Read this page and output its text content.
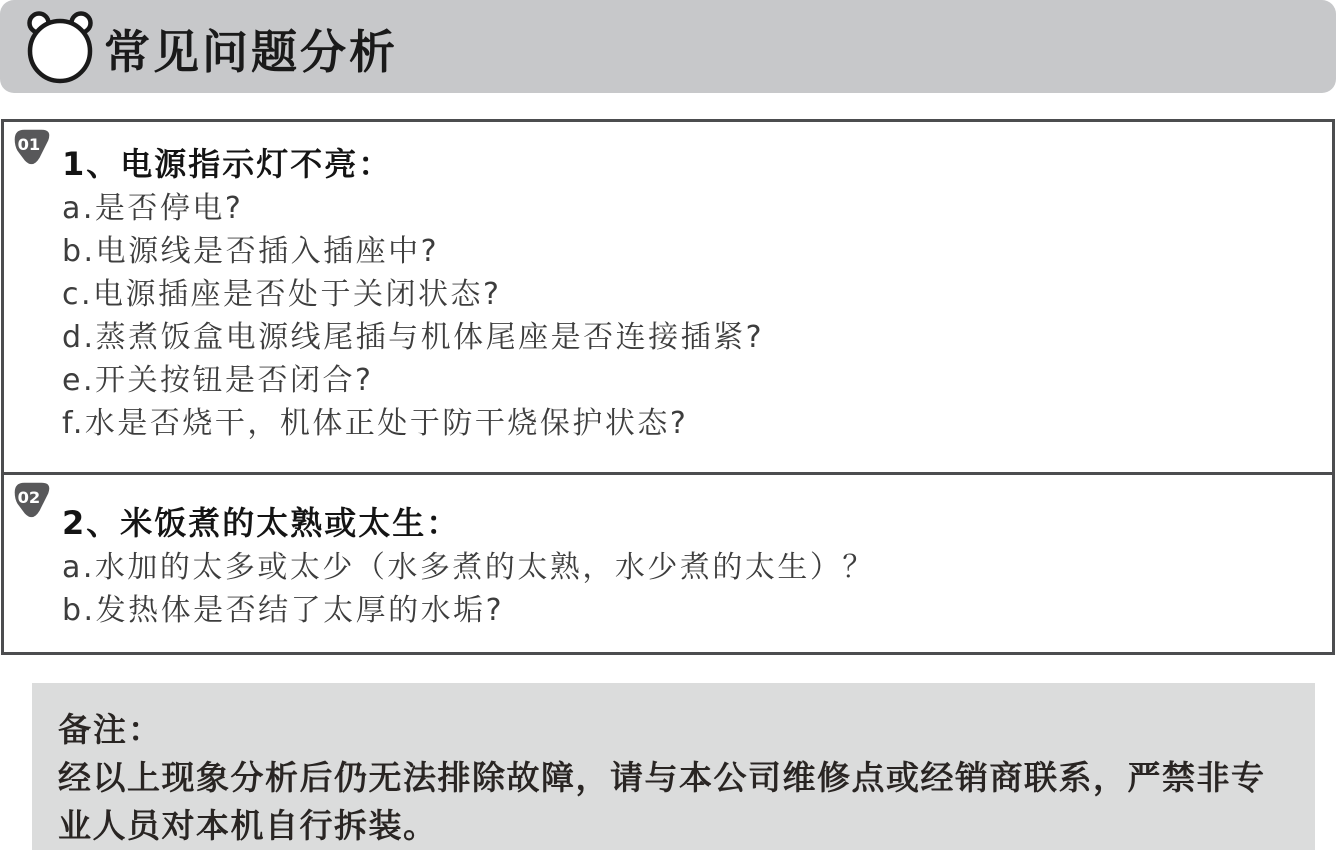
常见问题分析
01
1、电源指示灯不亮：
a.是否停电?
b.电源线是否插入插座中?
c.电源插座是否处于关闭状态?
d.蒸煮饭盒电源线尾插与机体尾座是否连接插紧?
e.开关按钮是否闭合?
f.水是否烧干，机体正处于防干烧保护状态?
02
2、米饭煮的太熟或太生：
a.水加的太多或太少（水多煮的太熟，水少煮的太生）？
b.发热体是否结了太厚的水垢?
备注：
经以上现象分析后仍无法排除故障，请与本公司维修点或经销商联系，严禁非专业人员对本机自行拆装。
